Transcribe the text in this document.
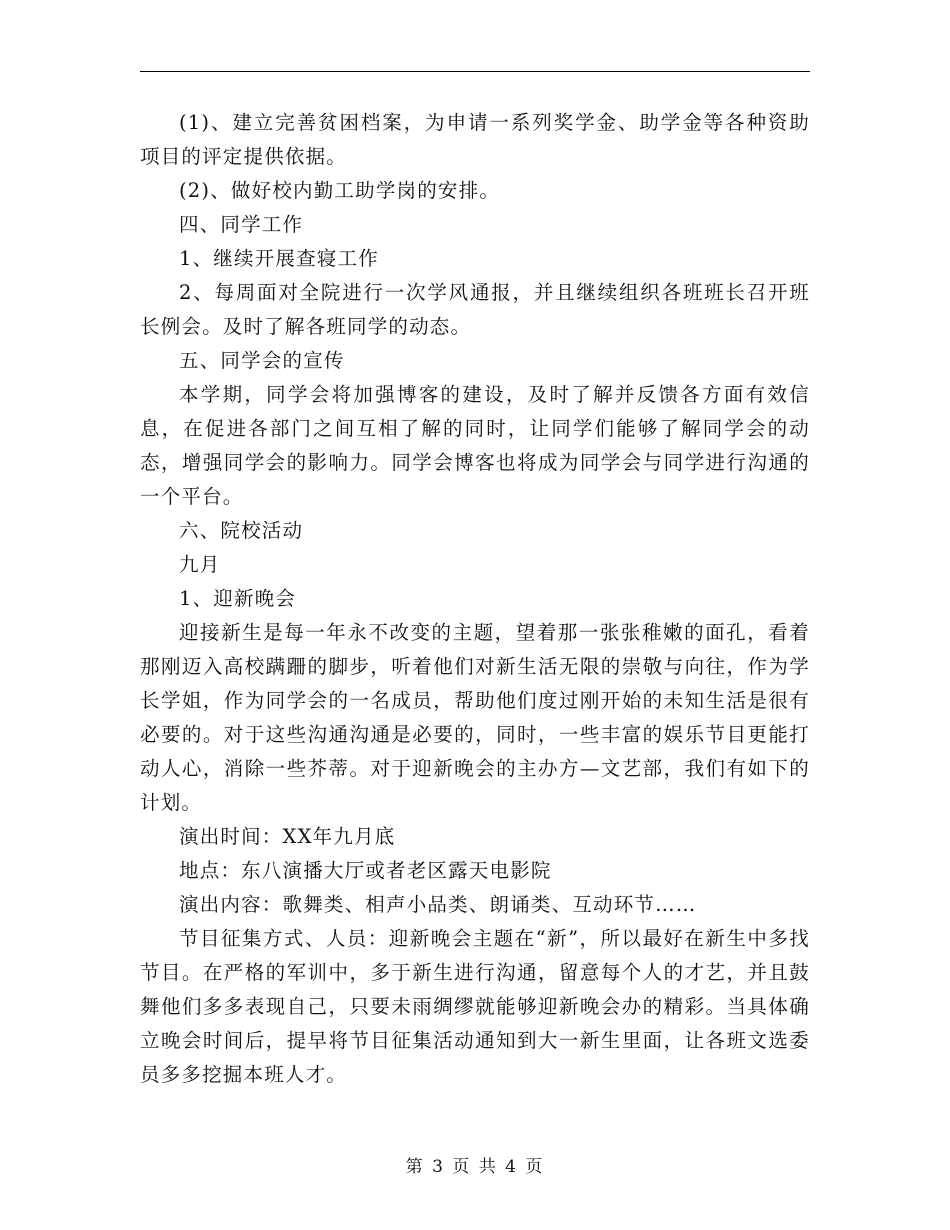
(1)、建立完善贫困档案，为申请一系列奖学金、助学金等各种资助项目的评定提供依据。

(2)、做好校内勤工助学岗的安排。

四、同学工作

1、继续开展查寝工作

2、每周面对全院进行一次学风通报，并且继续组织各班班长召开班长例会。及时了解各班同学的动态。

五、同学会的宣传

本学期，同学会将加强博客的建设，及时了解并反馈各方面有效信息，在促进各部门之间互相了解的同时，让同学们能够了解同学会的动态，增强同学会的影响力。同学会博客也将成为同学会与同学进行沟通的一个平台。

六、院校活动

九月

1、迎新晚会

迎接新生是每一年永不改变的主题，望着那一张张稚嫩的面孔，看着那刚迈入高校蹒跚的脚步，听着他们对新生活无限的崇敬与向往，作为学长学姐，作为同学会的一名成员，帮助他们度过刚开始的未知生活是很有必要的。对于这些沟通沟通是必要的，同时，一些丰富的娱乐节目更能打动人心，消除一些芥蒂。对于迎新晚会的主办方—文艺部，我们有如下的计划。

演出时间：XX年九月底

地点：东八演播大厅或者老区露天电影院

演出内容：歌舞类、相声小品类、朗诵类、互动环节……

节目征集方式、人员：迎新晚会主题在“新”，所以最好在新生中多找节目。在严格的军训中，多于新生进行沟通，留意每个人的才艺，并且鼓舞他们多多表现自己，只要未雨绸缪就能够迎新晚会办的精彩。当具体确立晚会时间后，提早将节目征集活动通知到大一新生里面，让各班文选委员多多挖掘本班人才。

第 3 页 共 4 页
